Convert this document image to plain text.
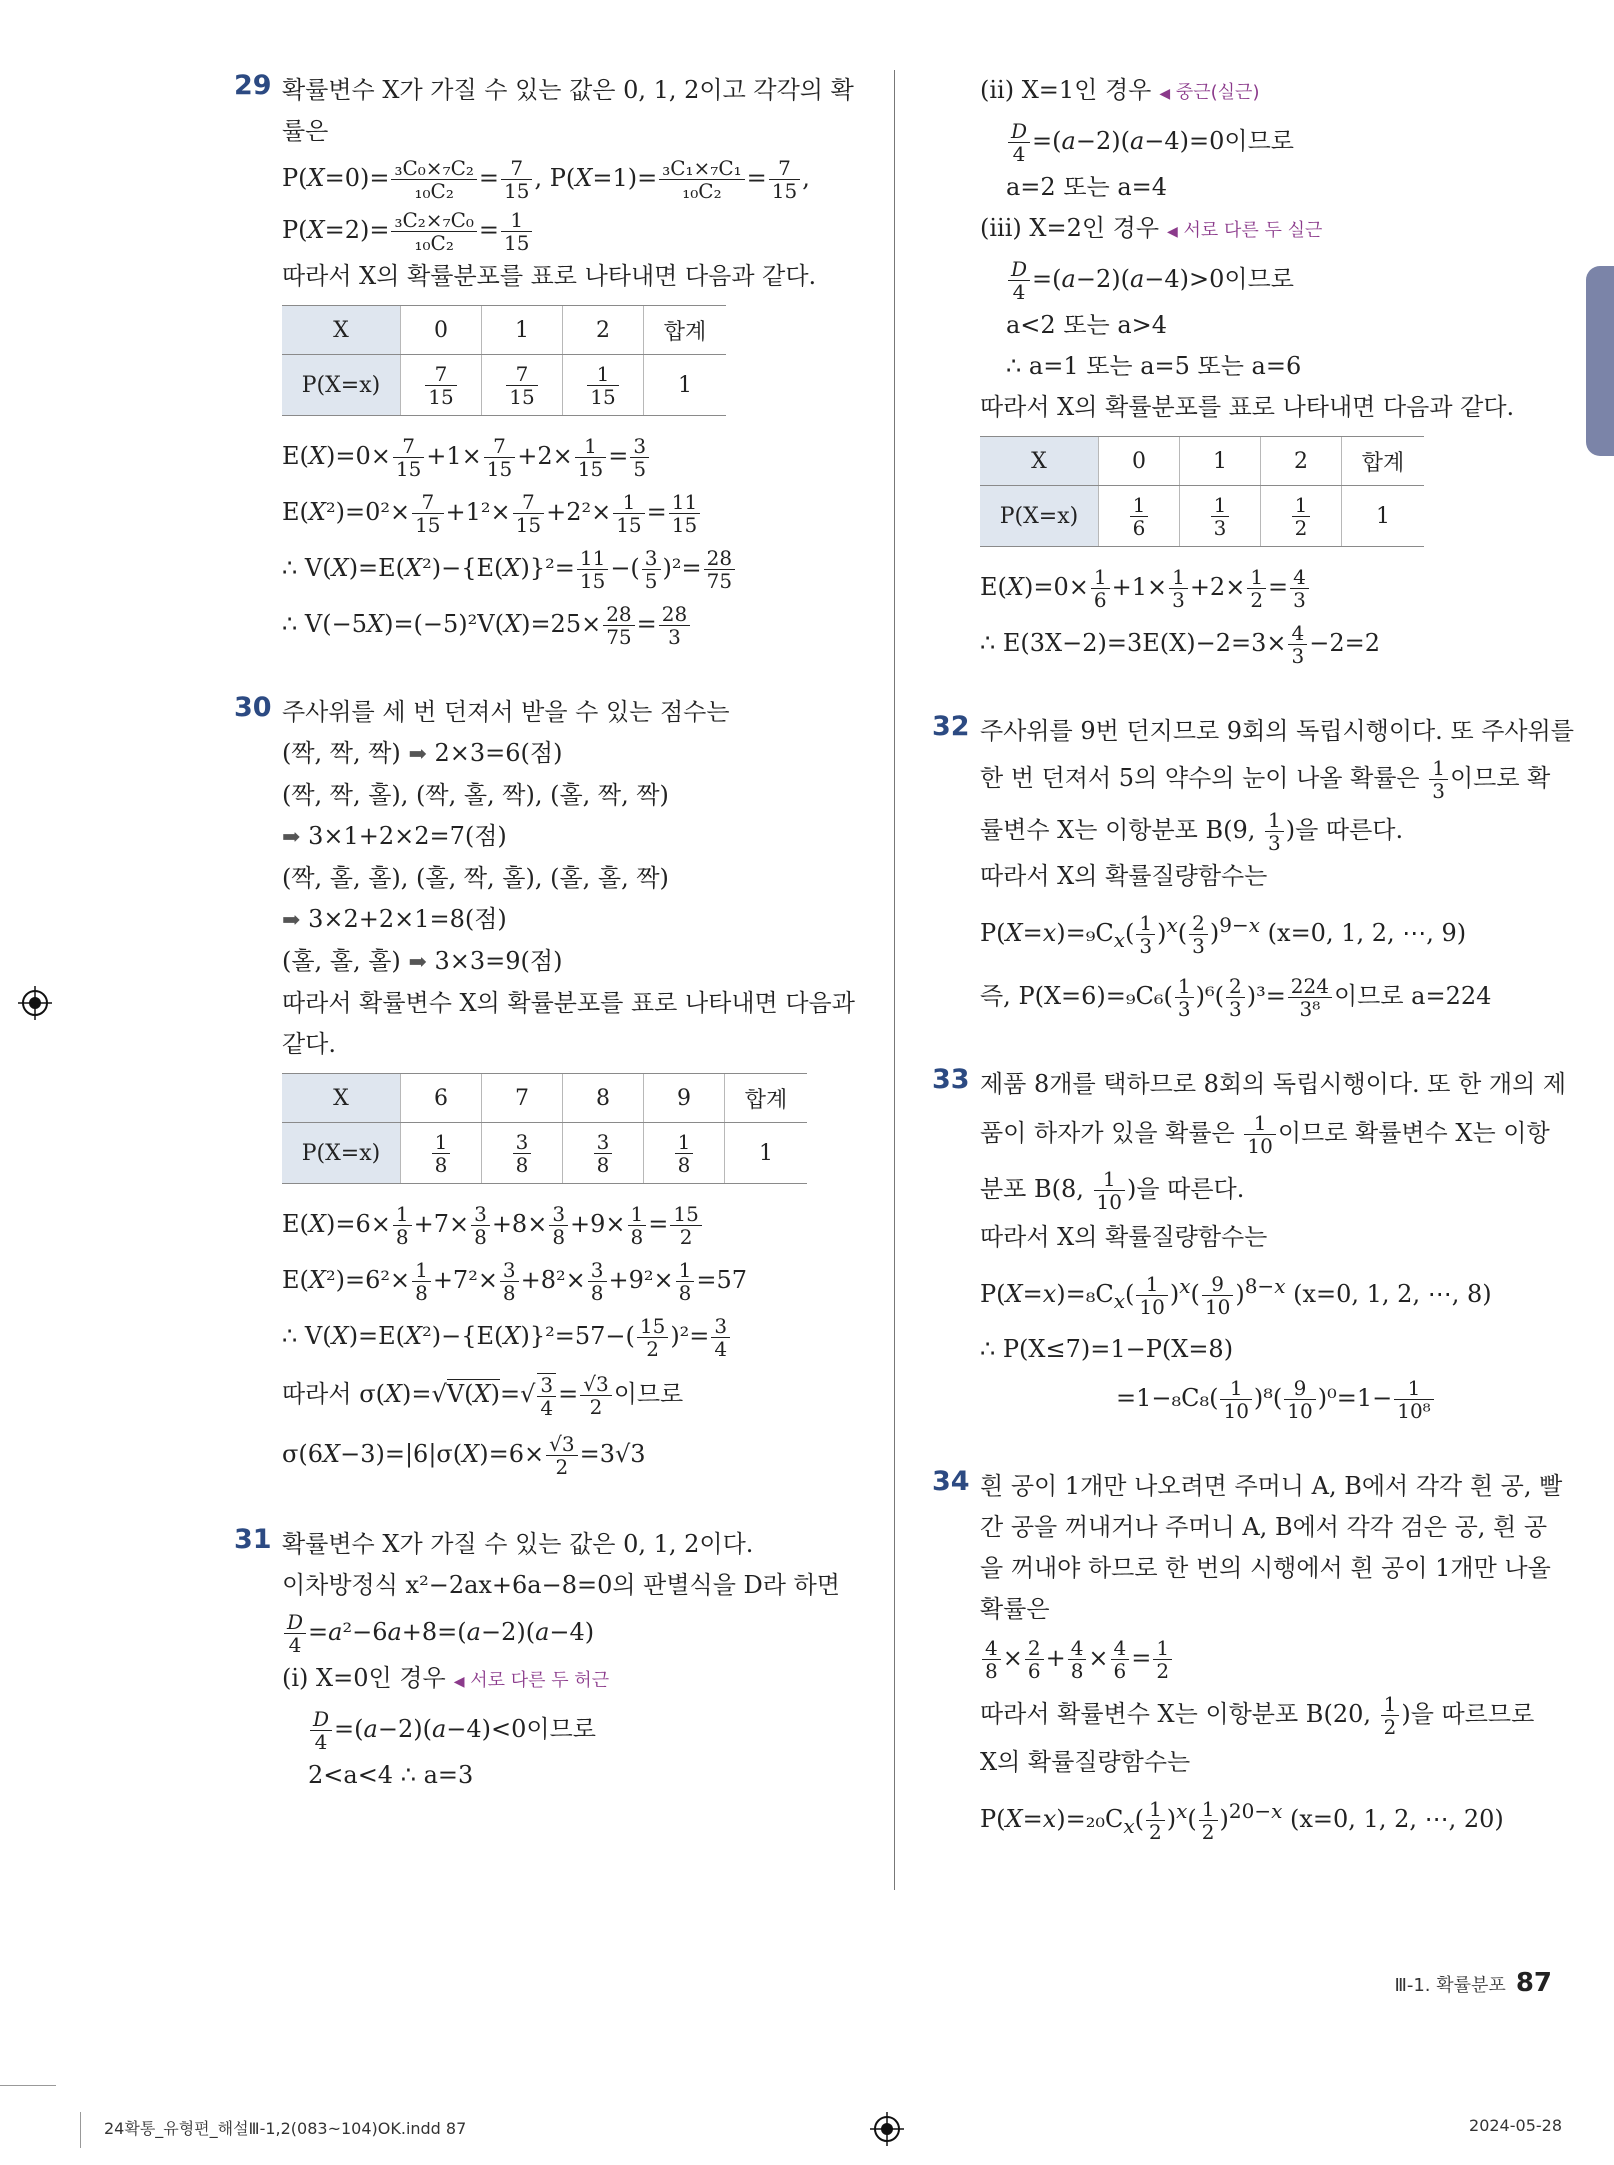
29 확률변수 X가 가질 수 있는 값은 0, 1, 2이고 각각의 확
률은
$P(X=0)= \frac{\text{₃C₀×₇C₂}}{\text{₁₀C₂}} = \frac{7}{15}$ , $P(X=1)= \frac{\text{₃C₁×₇C₁}}{\text{₁₀C₂}} = \frac{7}{15}$ ,
$P(X=2)= \frac{\text{₃C₂×₇C₀}}{\text{₁₀C₂}} = \frac{1}{15}$
따라서 X의 확률분포를 표로 나타내면 다음과 같다.
X	0	1	2	합계
P(X=x)	$\frac{7}{15}$	$\frac{7}{15}$	$\frac{1}{15}$	1
$E(X)=0\times \frac{7}{15} +1\times \frac{7}{15} +2\times \frac{1}{15} = \frac{3}{5}$
$E(X^2)=0^2\times \frac{7}{15} +1^2\times \frac{7}{15} +2^2\times \frac{1}{15} = \frac{11}{15}$
∴ $V(X)=E(X^2)-\{E(X)\}^2= \frac{11}{15}$ −( $\frac{3}{5} )^2= \frac{28}{75}$
∴ $V(-5X)=(-5)^2V(X)=25\times \frac{28}{75} = \frac{28}{3}$
30 주사위를 세 번 던져서 받을 수 있는 점수는
(짝, 짝, 짝) ➡ 2×3=6(점)
(짝, 짝, 홀), (짝, 홀, 짝), (홀, 짝, 짝)
➡ 3×1+2×2=7(점)
(짝, 홀, 홀), (홀, 짝, 홀), (홀, 홀, 짝)
➡ 3×2+2×1=8(점)
(홀, 홀, 홀) ➡ 3×3=9(점)
따라서 확률변수 X의 확률분포를 표로 나타내면 다음과
같다.
X	6	7	8	9	합계
P(X=x)	$\frac{1}{8}$	$\frac{3}{8}$	$\frac{3}{8}$	$\frac{1}{8}$	1
$E(X)=6\times \frac{1}{8} +7\times \frac{3}{8} +8\times \frac{3}{8} +9\times \frac{1}{8} = \frac{15}{2}$
$E(X^2)=6^2\times \frac{1}{8} +7^2\times \frac{3}{8} +8^2\times \frac{3}{8} +9^2\times \frac{1}{8} =57$
∴ $V(X)=E(X^2)-\{E(X)\}^2=57-( \frac{15}{2} )^2= \frac{3}{4}$
따라서 $\sigma(X)=√V(X)=√ \frac{3}{4} = \frac{√3}{2}$ 이므로
$\sigma(6X-3)=|6|\sigma(X)=6\times \frac{√3}{2} =3√3$
31 확률변수 X가 가질 수 있는 값은 0, 1, 2이다.
이차방정식 x²−2ax+6a−8=0의 판별식을 D라 하면
$\frac{D}{4} =a^2-6a+8=(a-2)(a-4)$
(i) X=0인 경우 ◀ 서로 다른 두 허근
$\frac{D}{4} =(a-2)(a-4)<0$이므로
2<a<4 ∴ a=3
(ii) X=1인 경우 ◀ 중근(실근)
$\frac{D}{4} =(a-2)(a-4)=0$이므로
a=2 또는 a=4
(iii) X=2인 경우 ◀ 서로 다른 두 실근
$\frac{D}{4} =(a-2)(a-4)>0$이므로
a<2 또는 a>4
∴ a=1 또는 a=5 또는 a=6
따라서 X의 확률분포를 표로 나타내면 다음과 같다.
X	0	1	2	합계
P(X=x)	$\frac{1}{6}$	$\frac{1}{3}$	$\frac{1}{2}$	1
$E(X)=0\times \frac{1}{6} +1\times \frac{1}{3} +2\times \frac{1}{2} = \frac{4}{3}$
∴ $E(3X-2)=3E(X)-2=3\times \frac{4}{3} -2=2$
32 주사위를 9번 던지므로 9회의 독립시행이다. 또 주사위를
한 번 던져서 5의 약수의 눈이 나올 확률은 $\frac{1}{3}$ 이므로 확
률변수 X는 이항분포 B(9, $\frac{1}{3}$ )을 따른다.
따라서 X의 확률질량함수는
$P(X=x)=_9C_x( \frac{1}{3} )^x( \frac{2}{3} )^{9-x}$ (x=0, 1, 2, ⋯, 9)
즉, $P(X=6)=_9C_6( \frac{1}{3} )^6( \frac{2}{3} )^3= \frac{224}{\text{3⁸}}$ 이므로 a=224
33 제품 8개를 택하므로 8회의 독립시행이다. 또 한 개의 제
품이 하자가 있을 확률은 $\frac{1}{10}$ 이므로 확률변수 X는 이항
분포 B(8, $\frac{1}{10}$ )을 따른다.
따라서 X의 확률질량함수는
$P(X=x)=_8C_x( \frac{1}{10} )^x( \frac{9}{10} )^{8-x}$ (x=0, 1, 2, ⋯, 8)
∴ P(X≤7)=1−P(X=8)
$=1-_8C_8( \frac{1}{10} )^8( \frac{9}{10} )^0=1- \frac{1}{\text{10⁸}}$
34 흰 공이 1개만 나오려면 주머니 A, B에서 각각 흰 공, 빨
간 공을 꺼내거나 주머니 A, B에서 각각 검은 공, 흰 공
을 꺼내야 하므로 한 번의 시행에서 흰 공이 1개만 나올
확률은
$\frac{4}{8} \times \frac{2}{6} + \frac{4}{8} \times \frac{4}{6} = \frac{1}{2}$
따라서 확률변수 X는 이항분포 B(20, $\frac{1}{2}$ )을 따르므로
X의 확률질량함수는
$P(X=x)=_{20}C_x( \frac{1}{2} )^x( \frac{1}{2} )^{20-x}$ (x=0, 1, 2, ⋯, 20)
Ⅲ-1. 확률분포 87
24확통_유형편_해설Ⅲ-1,2(083~104)OK.indd 87	2024-05-28
